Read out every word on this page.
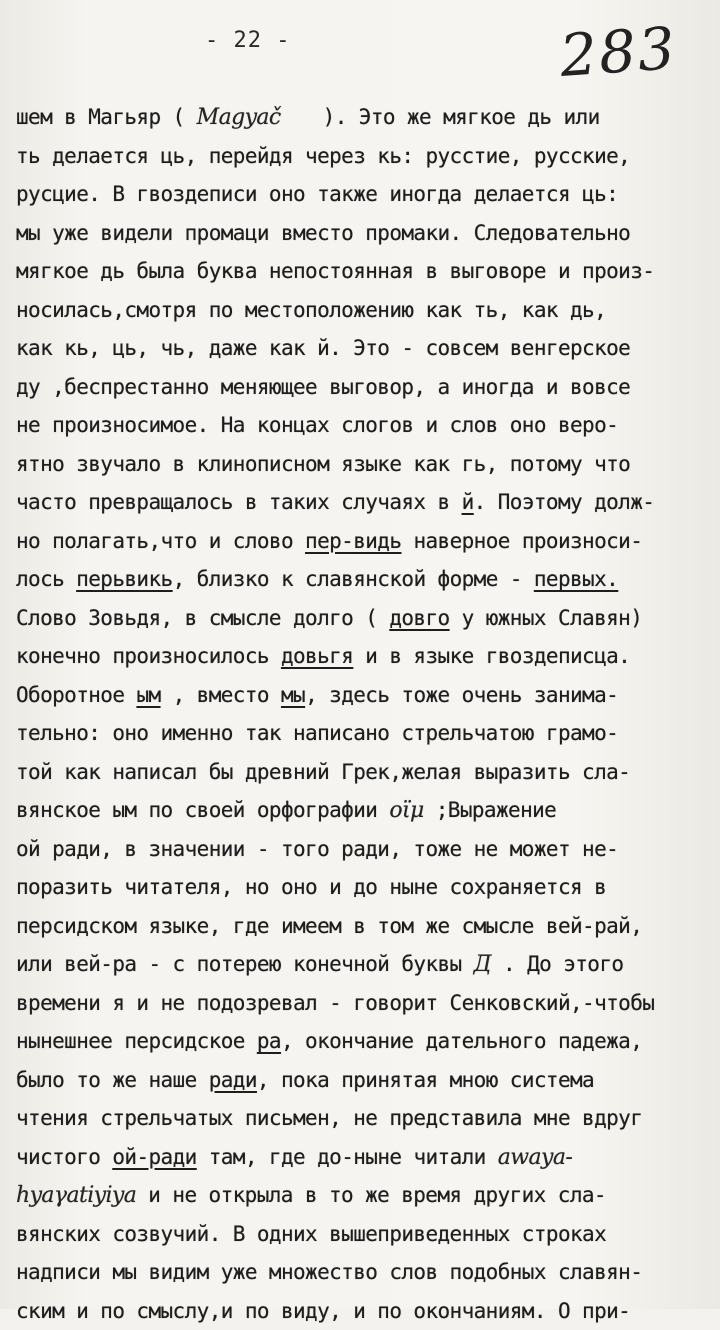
- 22 -	283
шем в Магьяр ( Magyač ). Это же мягкое дь или
ть делается ць, перейдя через кь: русстие, русские,
русцие. В гвоздеписи оно также иногда делается ць:
мы уже видели промаци вместо промаки. Следовательно
мягкое дь была буква непостоянная в выговоре и произ-
носилась,смотря по местоположению как ть, как дь,
как кь, ць, чь, даже как й. Это - совсем венгерское
ду ,беспрестанно меняющее выговор, а иногда и вовсе
не произносимое. На концах слогов и слов оно веро-
ятно звучало в клинописном языке как гь, потому что
часто превращалось в таких случаях в й. Поэтому долж-
но полагать,что и слово пер-видь наверное произноси-
лось перьвикь, близко к славянской форме - первых.
Слово Зовьдя, в смысле долго ( довго у южных Славян)
конечно произносилось довьгя и в языке гвоздеписца.
Оборотное ым , вместо мы, здесь тоже очень занима-
тельно: оно именно так написано стрельчатою грамо-
той как написал бы древний Грек,желая выразить сла-
вянское ым по своей орфографии οϊμ ;Выражение
ой ради, в значении - того ради, тоже не может не-
поразить читателя, но оно и до ныне сохраняется в
персидском языке, где имеем в том же смысле вей-рай,
или вей-ра - с потерею конечной буквы Д . До этого
времени я и не подозревал - говорит Сенковский,-чтобы
нынешнее персидское ра, окончание дательного падежа,
было то же наше ради, пока принятая мною система
чтения стрельчатых письмен, не представила мне вдруг
чистого ой-ради там, где до-ныне читали awaya-
hyaγatiyiya и не открыла в то же время других сла-
вянских созвучий. В одних вышеприведенных строках
надписи мы видим уже множество слов подобных славян-
ским и по смыслу,и по виду, и по окончаниям. О при-
